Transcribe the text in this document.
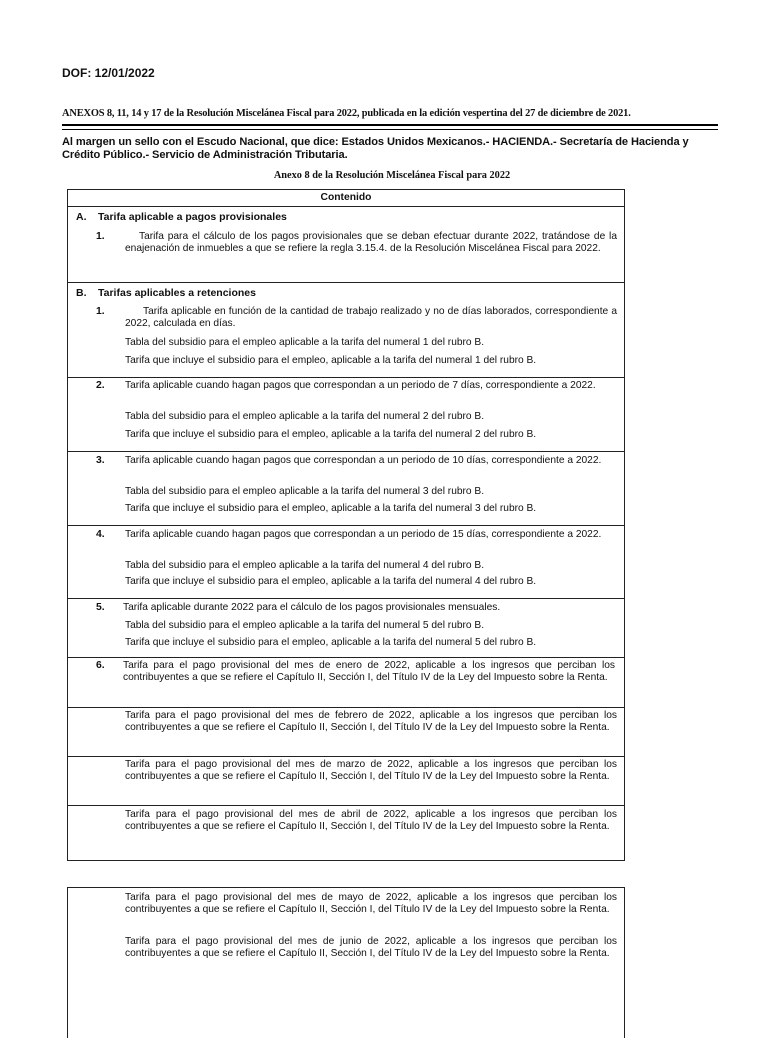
DOF: 12/01/2022
ANEXOS 8, 11, 14 y 17 de la Resolución Miscelánea Fiscal para 2022, publicada en la edición vespertina del 27 de diciembre de 2021.
Al margen un sello con el Escudo Nacional, que dice: Estados Unidos Mexicanos.- HACIENDA.- Secretaría de Hacienda y Crédito Público.- Servicio de Administración Tributaria.
Anexo 8 de la Resolución Miscelánea Fiscal para 2022
Contenido
A. Tarifa aplicable a pagos provisionales
1.	Tarifa para el cálculo de los pagos provisionales que se deban efectuar durante 2022, tratándose de la enajenación de inmuebles a que se refiere la regla 3.15.4. de la Resolución Miscelánea Fiscal para 2022.
B. Tarifas aplicables a retenciones
1.	Tarifa aplicable en función de la cantidad de trabajo realizado y no de días laborados, correspondiente a 2022, calculada en días.
Tabla del subsidio para el empleo aplicable a la tarifa del numeral 1 del rubro B.
Tarifa que incluye el subsidio para el empleo, aplicable a la tarifa del numeral 1 del rubro B.
2. Tarifa aplicable cuando hagan pagos que correspondan a un periodo de 7 días, correspondiente a 2022.
Tabla del subsidio para el empleo aplicable a la tarifa del numeral 2 del rubro B.
Tarifa que incluye el subsidio para el empleo, aplicable a la tarifa del numeral 2 del rubro B.
3. Tarifa aplicable cuando hagan pagos que correspondan a un periodo de 10 días, correspondiente a 2022.
Tabla del subsidio para el empleo aplicable a la tarifa del numeral 3 del rubro B.
Tarifa que incluye el subsidio para el empleo, aplicable a la tarifa del numeral 3 del rubro B.
4. Tarifa aplicable cuando hagan pagos que correspondan a un periodo de 15 días, correspondiente a 2022.
Tabla del subsidio para el empleo aplicable a la tarifa del numeral 4 del rubro B.
Tarifa que incluye el subsidio para el empleo, aplicable a la tarifa del numeral 4 del rubro B.
5. Tarifa aplicable durante 2022 para el cálculo de los pagos provisionales mensuales.
Tabla del subsidio para el empleo aplicable a la tarifa del numeral 5 del rubro B.
Tarifa que incluye el subsidio para el empleo, aplicable a la tarifa del numeral 5 del rubro B.
6. Tarifa para el pago provisional del mes de enero de 2022, aplicable a los ingresos que perciban los contribuyentes a que se refiere el Capítulo II, Sección I, del Título IV de la Ley del Impuesto sobre la Renta.
Tarifa para el pago provisional del mes de febrero de 2022, aplicable a los ingresos que perciban los contribuyentes a que se refiere el Capítulo II, Sección I, del Título IV de la Ley del Impuesto sobre la Renta.
Tarifa para el pago provisional del mes de marzo de 2022, aplicable a los ingresos que perciban los contribuyentes a que se refiere el Capítulo II, Sección I, del Título IV de la Ley del Impuesto sobre la Renta.
Tarifa para el pago provisional del mes de abril de 2022, aplicable a los ingresos que perciban los contribuyentes a que se refiere el Capítulo II, Sección I, del Título IV de la Ley del Impuesto sobre la Renta.
Tarifa para el pago provisional del mes de mayo de 2022, aplicable a los ingresos que perciban los contribuyentes a que se refiere el Capítulo II, Sección I, del Título IV de la Ley del Impuesto sobre la Renta.
Tarifa para el pago provisional del mes de junio de 2022, aplicable a los ingresos que perciban los contribuyentes a que se refiere el Capítulo II, Sección I, del Título IV de la Ley del Impuesto sobre la Renta.
